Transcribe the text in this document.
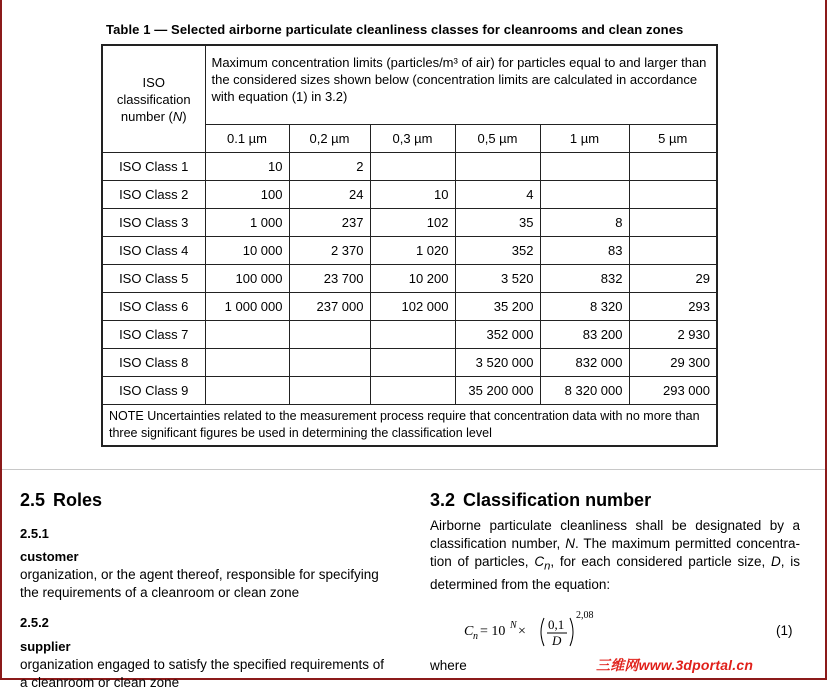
Table 1 — Selected airborne particulate cleanliness classes for cleanrooms and clean zones
ISO
classification
number (N)	Maximum concentration limits (particles/m³ of air) for particles equal to and larger than the considered sizes shown below (concentration limits are calculated in accordance with equation (1) in 3.2)					
	0.1 µm	0,2 µm	0,3 µm	0,5 µm	1 µm	5 µm
ISO Class 1	10	2				
ISO Class 2	100	24	10	4		
ISO Class 3	1 000	237	102	35	8	
ISO Class 4	10 000	2 370	1 020	352	83	
ISO Class 5	100 000	23 700	10 200	3 520	832	29
ISO Class 6	1 000 000	237 000	102 000	35 200	8 320	293
ISO Class 7				352 000	83 200	2 930
ISO Class 8				3 520 000	832 000	29 300
ISO Class 9				35 200 000	8 320 000	293 000
NOTE Uncertainties related to the measurement process require that concentration data with no more than three significant figures be used in determining the classification level						
2.5 Roles
2.5.1
customer
organization, or the agent thereof, responsible for specifying the requirements of a cleanroom or clean zone
2.5.2
supplier
organization engaged to satisfy the specified requirements of a cleanroom or clean zone
3.2 Classification number
Airborne particulate cleanliness shall be designated by a classification number, N. The maximum permitted concentra-tion of particles, $C_n$, for each considered particle size, D, is determined from the equation:
C n = 10 N × 0,1
D
2,08
(1)
where	三维网www.3dportal.cn
